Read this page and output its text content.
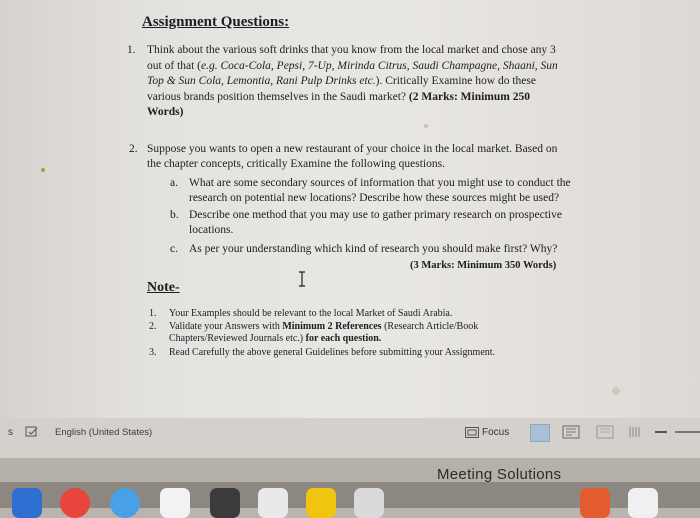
Assignment Questions:
1. Think about the various soft drinks that you know from the local market and chose any 3
out of that (e.g. Coca-Cola, Pepsi, 7-Up, Mirinda Citrus, Saudi Champagne, Shaani, Sun
Top & Sun Cola, Lemontia, Rani Pulp Drinks etc.). Critically Examine how do these
various brands position themselves in the Saudi market? (2 Marks: Minimum 250
Words)
2. Suppose you wants to open a new restaurant of your choice in the local market. Based on
the chapter concepts, critically Examine the following questions.
a. What are some secondary sources of information that you might use to conduct the
research on potential new locations? Describe how these sources might be used?
b. Describe one method that you may use to gather primary research on prospective
locations.
c. As per your understanding which kind of research you should make first? Why?
(3 Marks: Minimum 350 Words)
Note-
1. Your Examples should be relevant to the local Market of Saudi Arabia.
2. Validate your Answers with Minimum 2 References (Research Article/Book
Chapters/Reviewed Journals etc.) for each question.
3. Read Carefully the above general Guidelines before submitting your Assignment.
s	English (United States)	Focus
Meeting Solutions
